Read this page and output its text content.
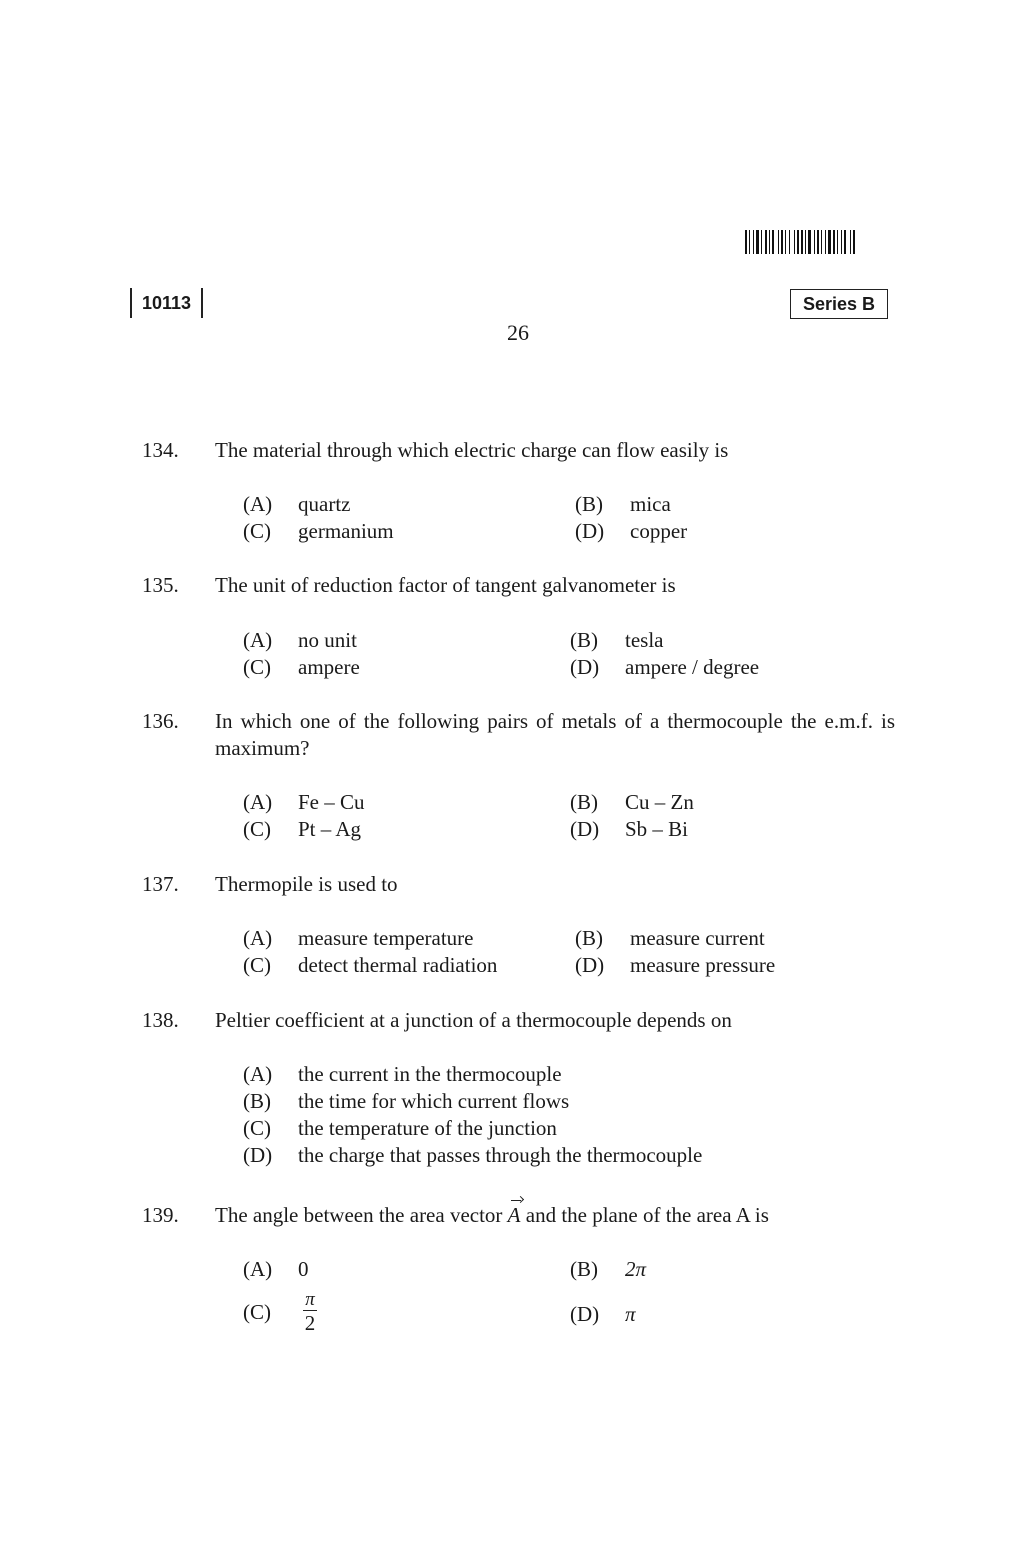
10113	Series B
26
134. The material through which electric charge can flow easily is
(A) quartz	(B) mica
(C) germanium	(D) copper
135. The unit of reduction factor of tangent galvanometer is
(A) no unit	(B) tesla
(C) ampere	(D) ampere / degree
136. In which one of the following pairs of metals of a thermocouple the e.m.f. is maximum?
(A) Fe – Cu	(B) Cu – Zn
(C) Pt – Ag	(D) Sb – Bi
137. Thermopile is used to
(A) measure temperature	(B) measure current
(C) detect thermal radiation	(D) measure pressure
138. Peltier coefficient at a junction of a thermocouple depends on
(A) the current in the thermocouple
(B) the time for which current flows
(C) the temperature of the junction
(D) the charge that passes through the thermocouple
139. The angle between the area vector A and the plane of the area A is
(A) 0	(B) 2π
$(C) \frac{\pi}{2}$	(D) π
